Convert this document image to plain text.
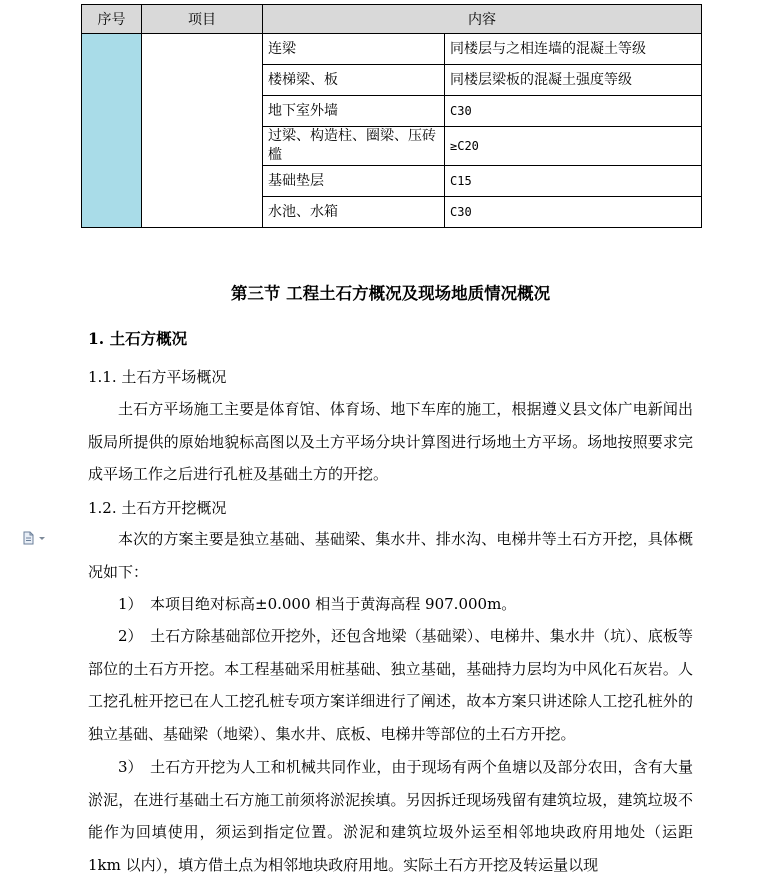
序号	项目	内容	
		连梁	同楼层与之相连墙的混凝土等级
		楼梯梁、板	同楼层梁板的混凝土强度等级
		地下室外墙	C30
		过梁、构造柱、圈梁、压砖槛	≥C20
		基础垫层	C15
		水池、水箱	C30
第三节 工程土石方概况及现场地质情况概况
1. 土石方概况
1.1. 土石方平场概况

土石方平场施工主要是体育馆、体育场、地下车库的施工，根据遵义县文体广电新闻出版局所提供的原始地貌标高图以及土方平场分块计算图进行场地土方平场。场地按照要求完成平场工作之后进行孔桩及基础土方的开挖。

1.2. 土石方开挖概况

本次的方案主要是独立基础、基础梁、集水井、排水沟、电梯井等土石方开挖，具体概况如下：

1） 本项目绝对标高±0.000 相当于黄海高程 907.000m。

2） 土石方除基础部位开挖外，还包含地梁（基础梁）、电梯井、集水井（坑）、底板等部位的土石方开挖。本工程基础采用桩基础、独立基础，基础持力层均为中风化石灰岩。人工挖孔桩开挖已在人工挖孔桩专项方案详细进行了阐述，故本方案只讲述除人工挖孔桩外的独立基础、基础梁（地梁）、集水井、底板、电梯井等部位的土石方开挖。

3） 土石方开挖为人工和机械共同作业，由于现场有两个鱼塘以及部分农田，含有大量淤泥，在进行基础土石方施工前须将淤泥挨填。另因拆迁现场残留有建筑垃圾，建筑垃圾不能作为回填使用，须运到指定位置。淤泥和建筑垃圾外运至相邻地块政府用地处（运距 1km 以内），填方借土点为相邻地块政府用地。实际土石方开挖及转运量以现
